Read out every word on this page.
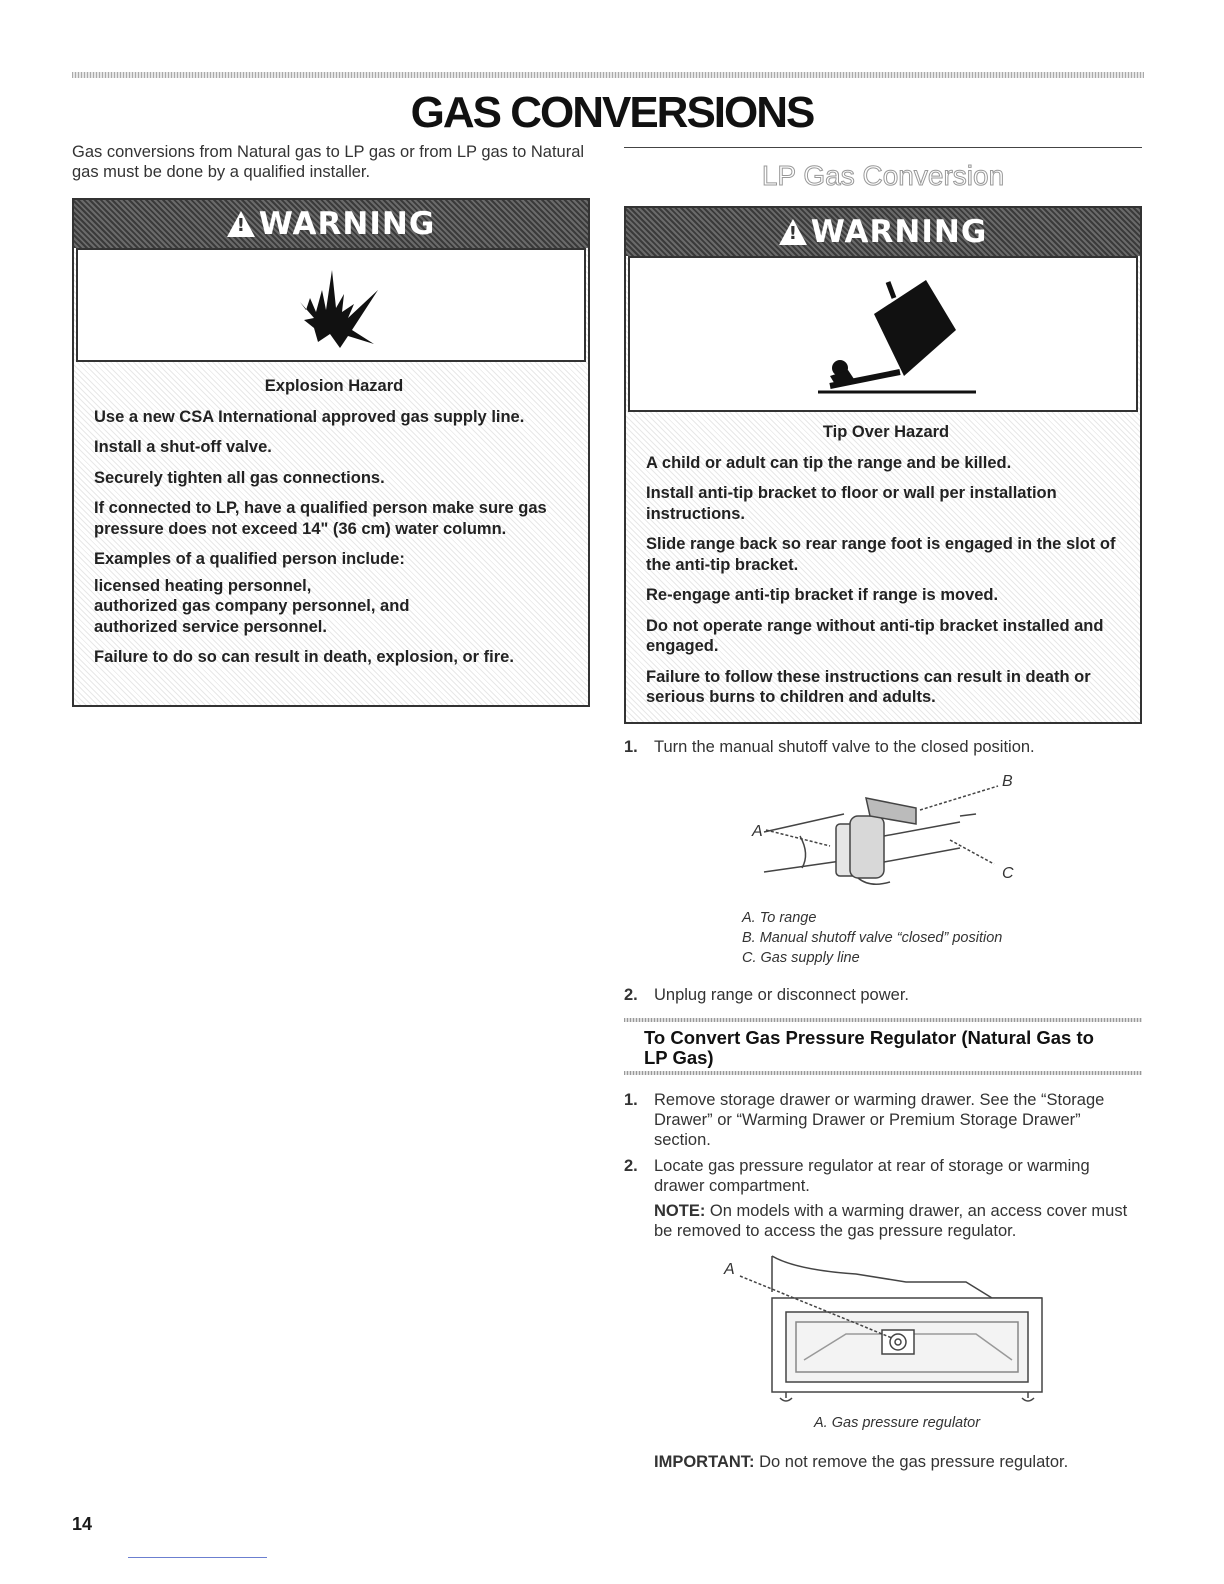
GAS CONVERSIONS
Gas conversions from Natural gas to LP gas or from LP gas to Natural gas must be done by a qualified installer.	LP Gas Conversion
!
WARNING

Explosion Hazard

Use a new CSA International approved gas supply line.

Install a shut-off valve.

Securely tighten all gas connections.

If connected to LP, have a qualified person make sure gas pressure does not exceed 14" (36 cm) water column.

Examples of a qualified person include:

licensed heating personnel,

authorized gas company personnel, and

authorized service personnel.

Failure to do so can result in death, explosion, or fire.

!
WARNING

Tip Over Hazard

A child or adult can tip the range and be killed.

Install anti-tip bracket to floor or wall per installation instructions.

Slide range back so rear range foot is engaged in the slot of the anti-tip bracket.

Re-engage anti-tip bracket if range is moved.

Do not operate range without anti-tip bracket installed and engaged.

Failure to follow these instructions can result in death or serious burns to children and adults.

1. Turn the manual shutoff valve to the closed position.
B
A
C
A. To range
B. Manual shutoff valve “closed” position
C. Gas supply line
2. Unplug range or disconnect power.
To Convert Gas Pressure Regulator (Natural Gas to LP Gas)
1. Remove storage drawer or warming drawer. See the “Storage Drawer” or “Warming Drawer or Premium Storage Drawer” section.
2. Locate gas pressure regulator at rear of storage or warming drawer compartment.
NOTE: On models with a warming drawer, an access cover must be removed to access the gas pressure regulator.
A
A. Gas pressure regulator
IMPORTANT: Do not remove the gas pressure regulator.
14
